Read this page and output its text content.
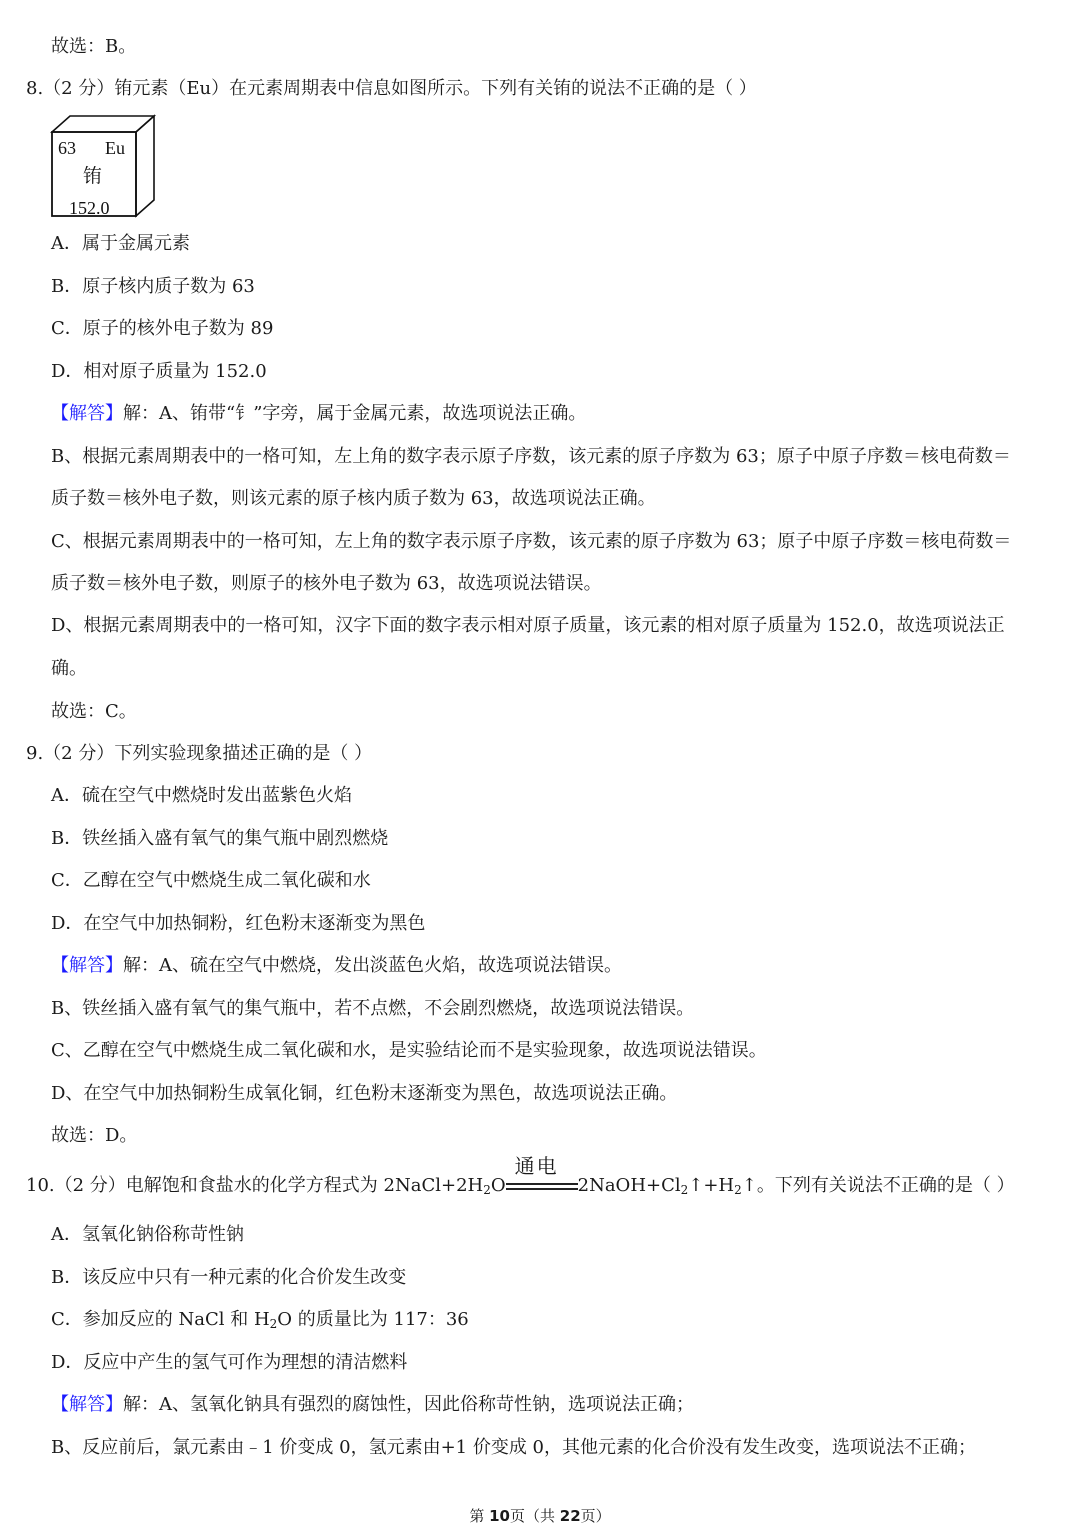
故选：B。
8.（2 分）铕元素（Eu）在元素周期表中信息如图所示。下列有关铕的说法不正确的是（ ）
63 Eu
铕
152.0
A．属于金属元素
B．原子核内质子数为 63
C．原子的核外电子数为 89
D．相对原子质量为 152.0
【解答】解：A、铕带“钅”字旁，属于金属元素，故选项说法正确。
B、根据元素周期表中的一格可知，左上角的数字表示原子序数，该元素的原子序数为 63；原子中原子序数＝核电荷数＝
质子数＝核外电子数，则该元素的原子核内质子数为 63，故选项说法正确。
C、根据元素周期表中的一格可知，左上角的数字表示原子序数，该元素的原子序数为 63；原子中原子序数＝核电荷数＝
质子数＝核外电子数，则原子的核外电子数为 63，故选项说法错误。
D、根据元素周期表中的一格可知，汉字下面的数字表示相对原子质量，该元素的相对原子质量为 152.0，故选项说法正
确。
故选：C。
9.（2 分）下列实验现象描述正确的是（ ）
A．硫在空气中燃烧时发出蓝紫色火焰
B．铁丝插入盛有氧气的集气瓶中剧烈燃烧
C．乙醇在空气中燃烧生成二氧化碳和水
D．在空气中加热铜粉，红色粉末逐渐变为黑色
【解答】解：A、硫在空气中燃烧，发出淡蓝色火焰，故选项说法错误。
B、铁丝插入盛有氧气的集气瓶中，若不点燃，不会剧烈燃烧，故选项说法错误。
C、乙醇在空气中燃烧生成二氧化碳和水，是实验结论而不是实验现象，故选项说法错误。
D、在空气中加热铜粉生成氧化铜，红色粉末逐渐变为黑色，故选项说法正确。
故选：D。
10.（2 分）电解饱和食盐水的化学方程式为 $2NaCl+2H_2O$
通电
$2NaOH+Cl_2↑+H_2↑$。下列有关说法不正确的是（ ）
A．氢氧化钠俗称苛性钠
B．该反应中只有一种元素的化合价发生改变
C．参加反应的 NaCl 和 $H_2O$ 的质量比为 117：36
D．反应中产生的氢气可作为理想的清洁燃料
【解答】解：A、氢氧化钠具有强烈的腐蚀性，因此俗称苛性钠，选项说法正确；
B、反应前后，氯元素由﹣1 价变成 0，氢元素由+1 价变成 0，其他元素的化合价没有发生改变，选项说法不正确；
第 10页（共 22页）
